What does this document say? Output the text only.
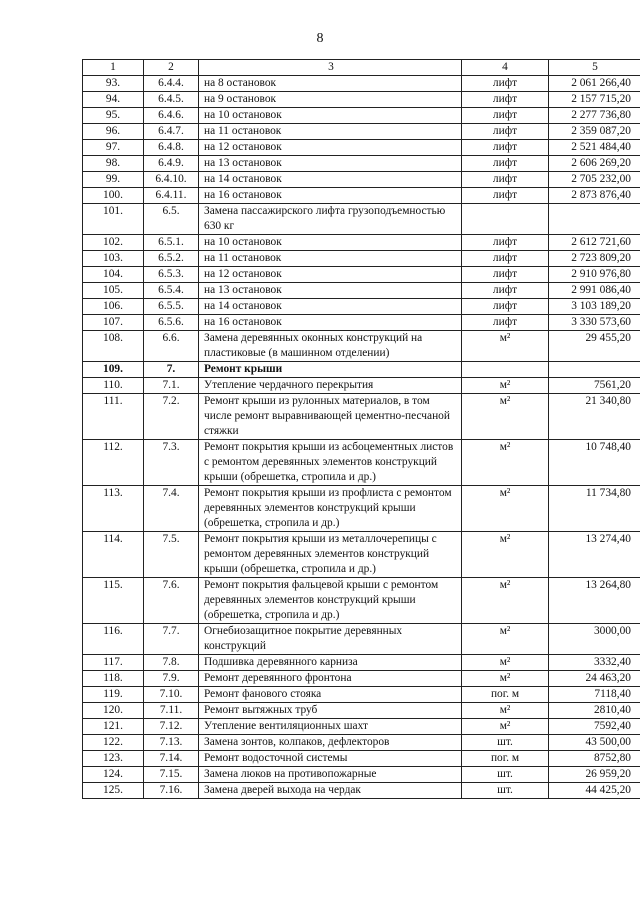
8
1	2	3	4	5
93.	6.4.4.	на 8 остановок	лифт	2 061 266,40
94.	6.4.5.	на 9 остановок	лифт	2 157 715,20
95.	6.4.6.	на 10 остановок	лифт	2 277 736,80
96.	6.4.7.	на 11 остановок	лифт	2 359 087,20
97.	6.4.8.	на 12 остановок	лифт	2 521 484,40
98.	6.4.9.	на 13 остановок	лифт	2 606 269,20
99.	6.4.10.	на 14 остановок	лифт	2 705 232,00
100.	6.4.11.	на 16 остановок	лифт	2 873 876,40
101.	6.5.	Замена пассажирского лифта грузоподъемностью 630 кг		
102.	6.5.1.	на 10 остановок	лифт	2 612 721,60
103.	6.5.2.	на 11 остановок	лифт	2 723 809,20
104.	6.5.3.	на 12 остановок	лифт	2 910 976,80
105.	6.5.4.	на 13 остановок	лифт	2 991 086,40
106.	6.5.5.	на 14 остановок	лифт	3 103 189,20
107.	6.5.6.	на 16 остановок	лифт	3 330 573,60
108.	6.6.	Замена деревянных оконных конструкций на пластиковые (в машинном отделении)	м²	29 455,20
109.	7.	Ремонт крыши		
110.	7.1.	Утепление чердачного перекрытия	м²	7561,20
111.	7.2.	Ремонт крыши из рулонных материалов, в том числе ремонт выравнивающей цементно-песчаной стяжки	м²	21 340,80
112.	7.3.	Ремонт покрытия крыши из асбоцементных листов с ремонтом деревянных элементов конструкций крыши (обрешетка, стропила и др.)	м²	10 748,40
113.	7.4.	Ремонт покрытия крыши из профлиста с ремонтом деревянных элементов конструкций крыши (обрешетка, стропила и др.)	м²	11 734,80
114.	7.5.	Ремонт покрытия крыши из металлочерепицы с ремонтом деревянных элементов конструкций крыши (обрешетка, стропила и др.)	м²	13 274,40
115.	7.6.	Ремонт покрытия фальцевой крыши с ремонтом деревянных элементов конструкций крыши (обрешетка, стропила и др.)	м²	13 264,80
116.	7.7.	Огнебиозащитное покрытие деревянных конструкций	м²	3000,00
117.	7.8.	Подшивка деревянного карниза	м²	3332,40
118.	7.9.	Ремонт деревянного фронтона	м²	24 463,20
119.	7.10.	Ремонт фанового стояка	пог. м	7118,40
120.	7.11.	Ремонт вытяжных труб	м²	2810,40
121.	7.12.	Утепление вентиляционных шахт	м²	7592,40
122.	7.13.	Замена зонтов, колпаков, дефлекторов	шт.	43 500,00
123.	7.14.	Ремонт водосточной системы	пог. м	8752,80
124.	7.15.	Замена люков на противопожарные	шт.	26 959,20
125.	7.16.	Замена дверей выхода на чердак	шт.	44 425,20
